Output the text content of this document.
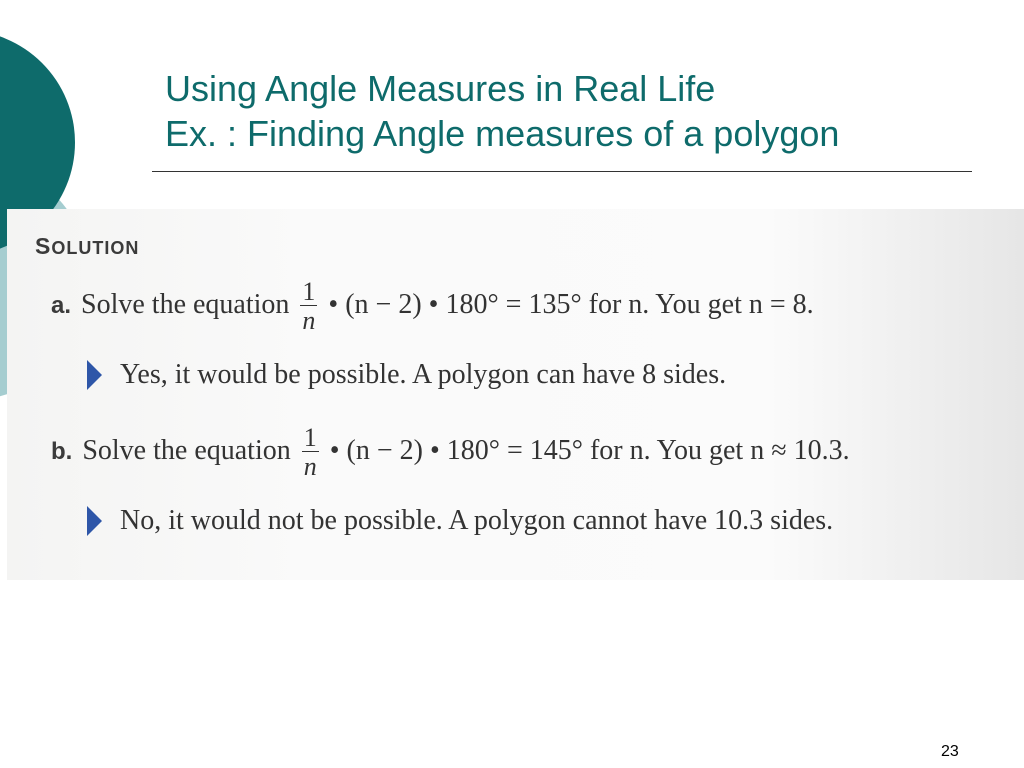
Using Angle Measures in Real Life
Ex. : Finding Angle measures of a polygon
SOLUTION
a. Solve the equation $\frac{1}{n}$ • (n − 2) • 180° = 135° for n. You get n = 8.
Yes, it would be possible. A polygon can have 8 sides.
b. Solve the equation $\frac{1}{n}$ • (n − 2) • 180° = 145° for n. You get n ≈ 10.3.
No, it would not be possible. A polygon cannot have 10.3 sides.
23
